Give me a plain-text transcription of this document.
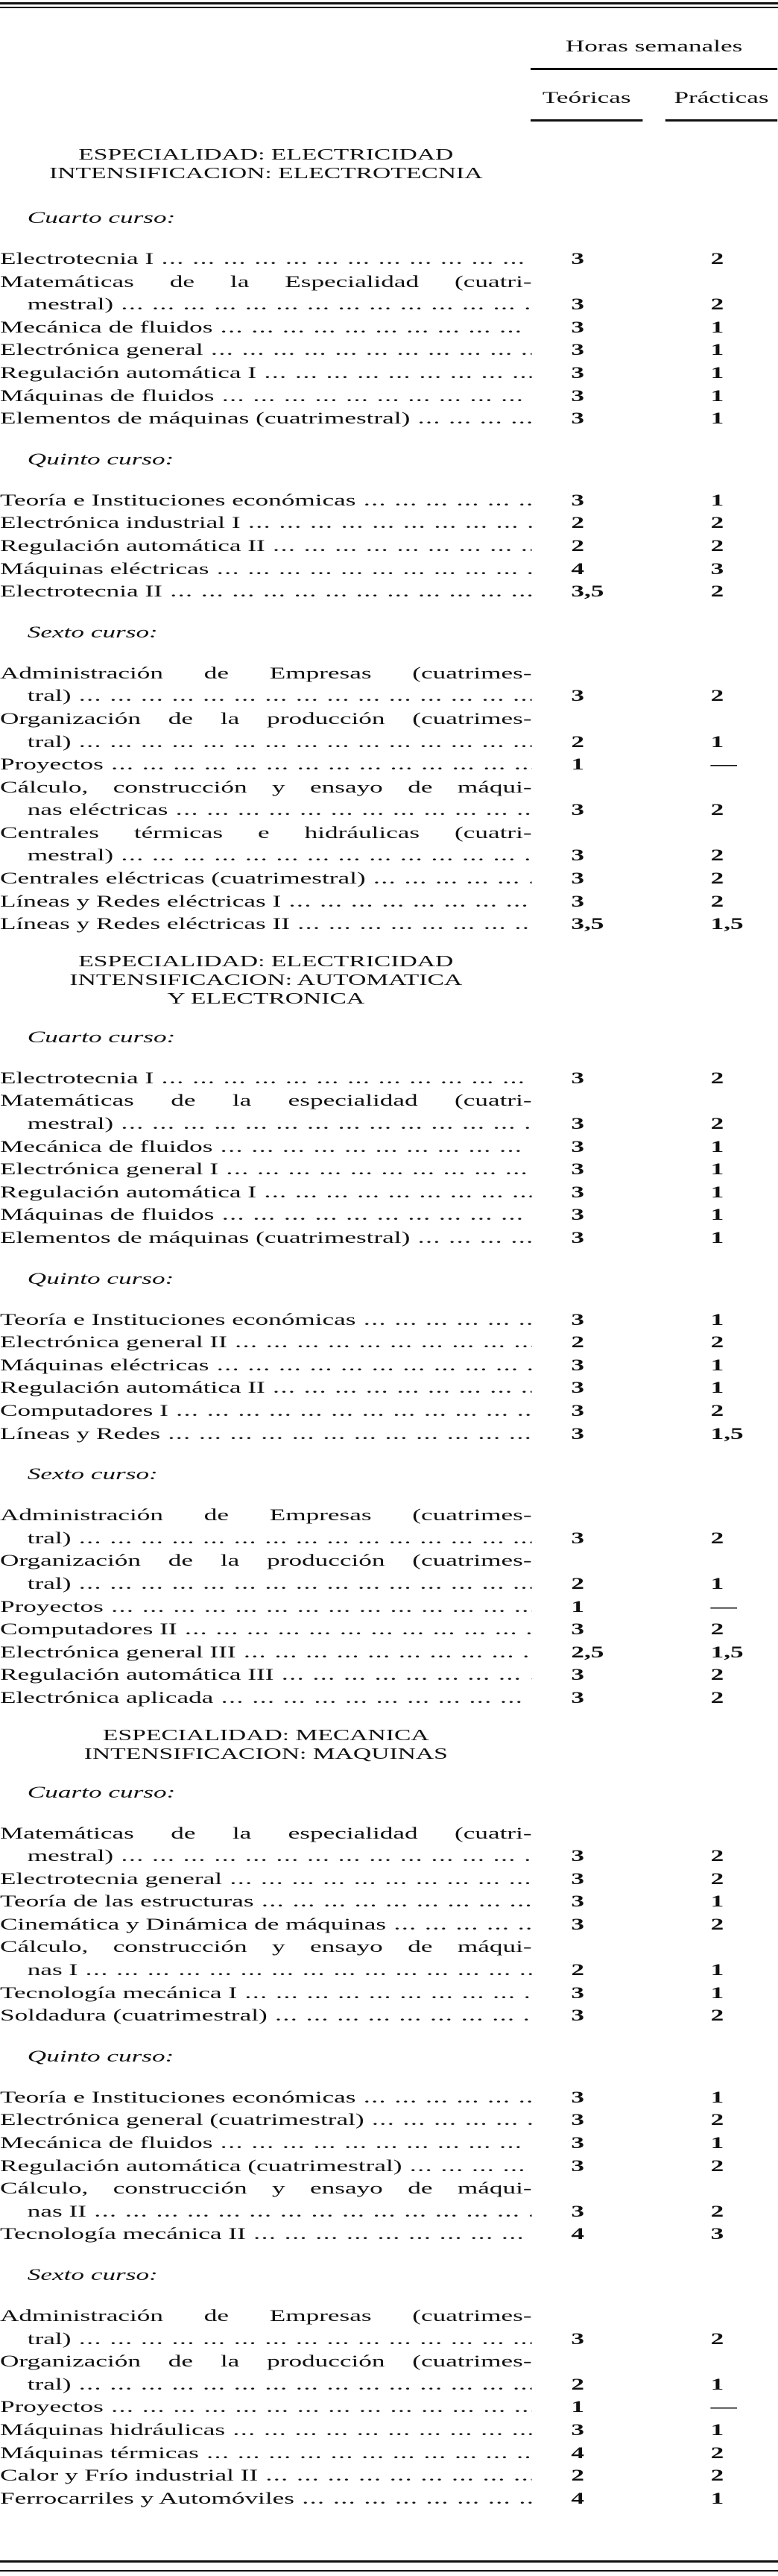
Horas semanales
Teóricas	Prácticas
ESPECIALIDAD: ELECTRICIDAD
INTENSIFICACION: ELECTROTECNIA
Cuarto curso:
Electrotecnia I ... .	3	2
Matemáticas de la Especialidad (cuatri-
mestral) ... .	3	2
Mecánica de fluidos ... .	3	1
Electrónica general ... .	3	1
Regulación automática I ... .	3	1
Máquinas de fluidos ... .	3	1
Elementos de máquinas (cuatrimestral) ... .	3	1
Quinto curso:
Teoría e Instituciones económicas ... .	3	1
Electrónica industrial I ... .	2	2
Regulación automática II ... .	2	2
Máquinas eléctricas ... .	4	3
Electrotecnia II ... .	3,5	2
Sexto curso:
Administración de Empresas (cuatrimes-
tral) ... .	3	2
Organización de la producción (cuatrimes-
tral) ... .	2	1
Proyectos ... .	1	—
Cálculo, construcción y ensayo de máqui-
nas eléctricas ... .	3	2
Centrales térmicas e hidráulicas (cuatri-
mestral) ... .	3	2
Centrales eléctricas (cuatrimestral) ... .	3	2
Líneas y Redes eléctricas I ... .	3	2
Líneas y Redes eléctricas II ... .	3,5	1,5
ESPECIALIDAD: ELECTRICIDAD
INTENSIFICACION: AUTOMATICA
Y ELECTRONICA
Cuarto curso:
Electrotecnia I ... .	3	2
Matemáticas de la especialidad (cuatri-
mestral) ... .	3	2
Mecánica de fluidos ... .	3	1
Electrónica general I ... .	3	1
Regulación automática I ... .	3	1
Máquinas de fluidos ... .	3	1
Elementos de máquinas (cuatrimestral) ... .	3	1
Quinto curso:
Teoría e Instituciones económicas ... .	3	1
Electrónica general II ... .	2	2
Máquinas eléctricas ... .	3	1
Regulación automática II ... .	3	1
Computadores I ... .	3	2
Líneas y Redes ... .	3	1,5
Sexto curso:
Administración de Empresas (cuatrimes-
tral) ... .	3	2
Organización de la producción (cuatrimes-
tral) ... .	2	1
Proyectos ... .	1	—
Computadores II ... .	3	2
Electrónica general III ... .	2,5	1,5
Regulación automática III ... .	3	2
Electrónica aplicada ... .	3	2
ESPECIALIDAD: MECANICA
INTENSIFICACION: MAQUINAS
Cuarto curso:
Matemáticas de la especialidad (cuatri-
mestral) ... .	3	2
Electrotecnia general ... .	3	2
Teoría de las estructuras ... .	3	1
Cinemática y Dinámica de máquinas ... .	3	2
Cálculo, construcción y ensayo de máqui-
nas I ... .	2	1
Tecnología mecánica I ... .	3	1
Soldadura (cuatrimestral) ... .	3	2
Quinto curso:
Teoría e Instituciones económicas ... .	3	1
Electrónica general (cuatrimestral) ... .	3	2
Mecánica de fluidos ... .	3	1
Regulación automática (cuatrimestral) ... .	3	2
Cálculo, construcción y ensayo de máqui-
nas II ... .	3	2
Tecnología mecánica II ... .	4	3
Sexto curso:
Administración de Empresas (cuatrimes-
tral) ... .	3	2
Organización de la producción (cuatrimes-
tral) ... .	2	1
Proyectos ... .	1	—
Máquinas hidráulicas ... .	3	1
Máquinas térmicas ... .	4	2
Calor y Frío industrial II ... .	2	2
Ferrocarriles y Automóviles ... .	4	1
